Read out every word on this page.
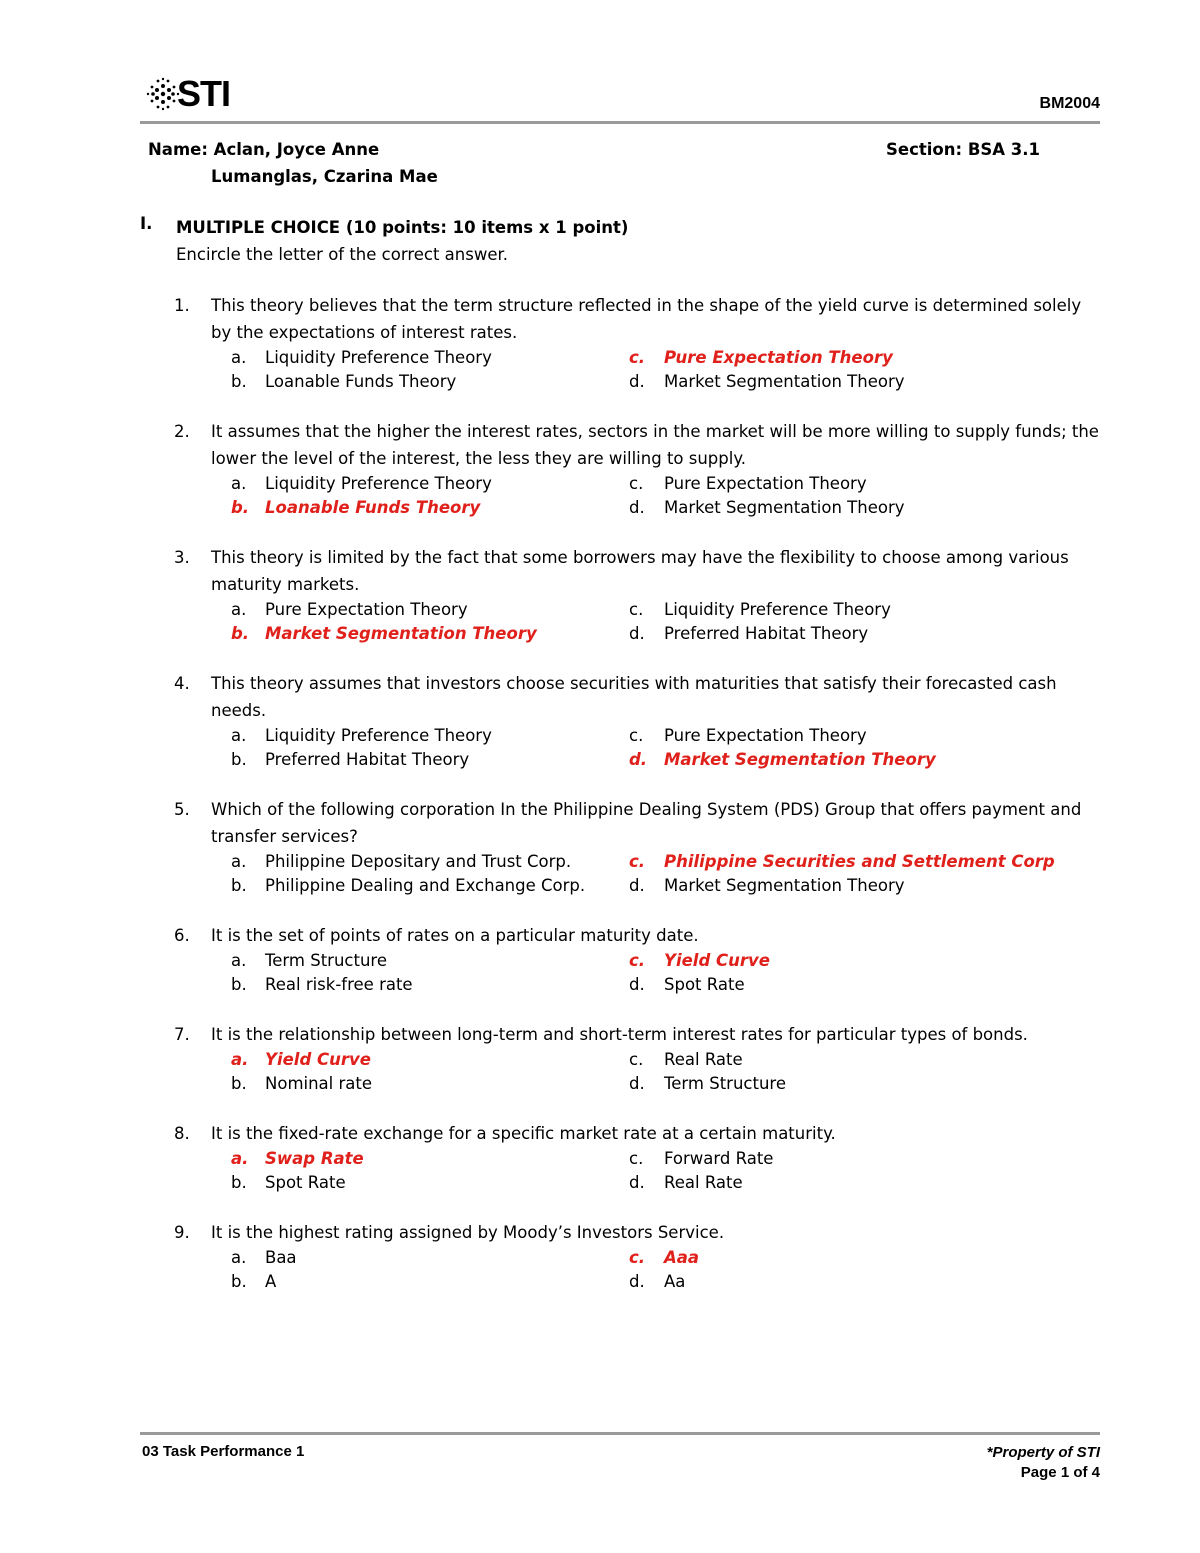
STI	BM2004
Name: Aclan, Joyce Anne	Section: BSA 3.1
Lumanglas, Czarina Mae
I.	MULTIPLE CHOICE (10 points: 10 items x 1 point)
Encircle the letter of the correct answer.
1.	This theory believes that the term structure reflected in the shape of the yield curve is determined solely by the expectations of interest rates.
a. Liquidity Preference Theory	c. Pure Expectation Theory
b. Loanable Funds Theory	d. Market Segmentation Theory
2.	It assumes that the higher the interest rates, sectors in the market will be more willing to supply funds; the lower the level of the interest, the less they are willing to supply.
a. Liquidity Preference Theory	c. Pure Expectation Theory
b. Loanable Funds Theory	d. Market Segmentation Theory
3.	This theory is limited by the fact that some borrowers may have the flexibility to choose among various maturity markets.
a. Pure Expectation Theory	c. Liquidity Preference Theory
b. Market Segmentation Theory	d. Preferred Habitat Theory
4.	This theory assumes that investors choose securities with maturities that satisfy their forecasted cash needs.
a. Liquidity Preference Theory	c. Pure Expectation Theory
b. Preferred Habitat Theory	d. Market Segmentation Theory
5.	Which of the following corporation In the Philippine Dealing System (PDS) Group that offers payment and transfer services?
a. Philippine Depositary and Trust Corp.	c. Philippine Securities and Settlement Corp
b. Philippine Dealing and Exchange Corp.	d. Market Segmentation Theory
6.	It is the set of points of rates on a particular maturity date.
a. Term Structure	c. Yield Curve
b. Real risk-free rate	d. Spot Rate
7.	It is the relationship between long-term and short-term interest rates for particular types of bonds.
a. Yield Curve	c. Real Rate
b. Nominal rate	d. Term Structure
8.	It is the fixed-rate exchange for a specific market rate at a certain maturity.
a. Swap Rate	c. Forward Rate
b. Spot Rate	d. Real Rate
9.	It is the highest rating assigned by Moody’s Investors Service.
a. Baa	c. Aaa
b. A	d. Aa
03 Task Performance 1	*Property of STI
Page 1 of 4
